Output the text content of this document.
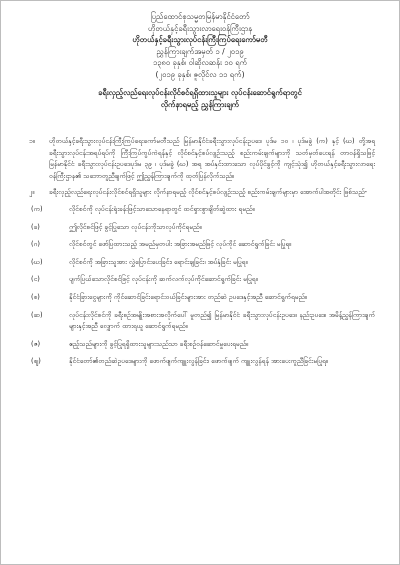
ပြည်ထောင်စုသမ္မတမြန်မာနိုင်ငံတော်
ဟိုတယ်နှင့်ခရီးသွားလာရေးဝန်ကြီးဌာန
ဟိုတယ်နှင့်ခရီးသွားလုပ်ငန်းကြီးကြပ်ရေးကော်မတီ
ညွှန်ကြားချက်အမှတ် ၁ / ၂၀၁၉
၁၃၈၀ ခုနှစ်၊ ဝါဆိုလဆန်း ၁၀ ရက်
(၂၀၁၉ ခုနှစ်၊ ဇူလိုင်လ ၁၁ ရက်)
ခရီးလှည့်လည်ရေးလုပ်ငန်းလိုင်စင်ရရှိထားသူများ လုပ်ငန်းဆောင်ရွက်ရာတွင်
လိုက်နာရမည့် ညွှန်ကြားချက်
၁။ ဟိုတယ်နှင့်ခရီးသွားလုပ်ငန်းကြီးကြပ်ရေးကော်မတီသည် မြန်မာနိုင်ငံခရီးသွားလုပ်ငန်းဥပဒေ ပုဒ်မ ၁၀ ၊ ပုဒ်မခွဲ (က) နှင့် (ဃ) တို့အရ ခရီးသွားလုပ်ငန်းအရပ်ရပ်ကို ကြီးကြပ်ကွပ်ကဲရန်နှင့် လိုင်စင်နှင့်စပ်လျဉ်းသည့် စည်းကမ်းချက်များကို သတ်မှတ်ပေးရန် တာဝန်ရှိသဖြင့် မြန်မာနိုင်ငံ ခရီးသွားလုပ်ငန်းဥပဒေပုဒ်မ ၃၉ ၊ ပုဒ်မခွဲ (ဃ) အရ အပ်နှင်းထားသော လုပ်ပိုင်ခွင့်ကို ကျင့်သုံး၍ ဟိုတယ်နှင့်ခရီးသွားလာရေး ဝန်ကြီးဌာန၏ သဘောတူညီချက်ဖြင့် ဤညွှန်ကြားချက်ကို ထုတ်ပြန်လိုက်သည်။
၂။ ခရီးလှည့်လည်ရေးလုပ်ငန်းလိုင်စင်ရရှိသူများ လိုက်နာရမည့် လိုင်စင်နှင့်စပ်လျဉ်းသည့် စည်းကမ်းချက်များမှာ အောက်ပါအတိုင်း ဖြစ်သည်-
(က)	လိုင်စင်ကို လုပ်ငန်းရုံးခန်းဖြင့်သာသောနေရာတွင် ထင်ရှားစွာချိတ်ဆွဲထား ရမည်။
(ခ)	ဤလိုင်စင်ဖြင့် ခွင့်ပြုသော လုပ်ငန်းကိုသာလုပ်ကိုင်ရမည်။
(ဂ)	လိုင်စင်တွင် ဖော်ပြထားသည့် အမည်မှတပါး အခြားအမည်ဖြင့် လုပ်ကိုင် ဆောင်ရွက်ခြင်း မပြုရ။
(ဃ)	လိုင်စင်ကို အခြားသူအား လွှဲပြောင်းပေးခြင်း၊ ရောင်းချခြင်း၊ အပ်နှံခြင်း မပြုရ။
(င)	ပျက်ပြယ်သောလိုင်စင်ဖြင့် လုပ်ငန်းကို ဆက်လက်လုပ်ကိုင်ဆောင်ရွက်ခြင်း မပြုရ။
(စ)	နိုင်ငံခြားငွေများကို ကိုင်ဆောင်ခြင်းရောင်းဝယ်ခြင်းများအား တည်ဆဲ ဥပဒေနှင့်အညီ ဆောင်ရွက်ရမည်။
(ဆ)	လုပ်ငန်းလိုင်စင်ကို ခရီးစဉ်အမျိုးအစားအလိုက်ပေါ် မူတည်၍ မြန်မာနိုင်ငံ ခရီးသွားလုပ်ငန်းဥပဒေ၊ နည်းဥပဒေ၊ အမိန့်ညွှန်ကြားချက်များနှင့်အညီ လျှောက် ထားရယူ ဆောင်ရွက်ရမည်။
(ဇ)	ဧည့်သည်များကို ခွင့်ပြုရရှိထားသူများသည်သာ ခရီးစဉ်ဝန်ဆောင်မှုပေးရမည်။
(ဈ)	နိုင်ငံတော်၏တည်ဆဲဥပဒေများကို ဖောက်ဖျက်ကျူးလွန်ခြင်း၊ ဖောက်ဖျက် ကျူးလွန်ရန် အားပေးကူညီခြင်းမပြုရ။
